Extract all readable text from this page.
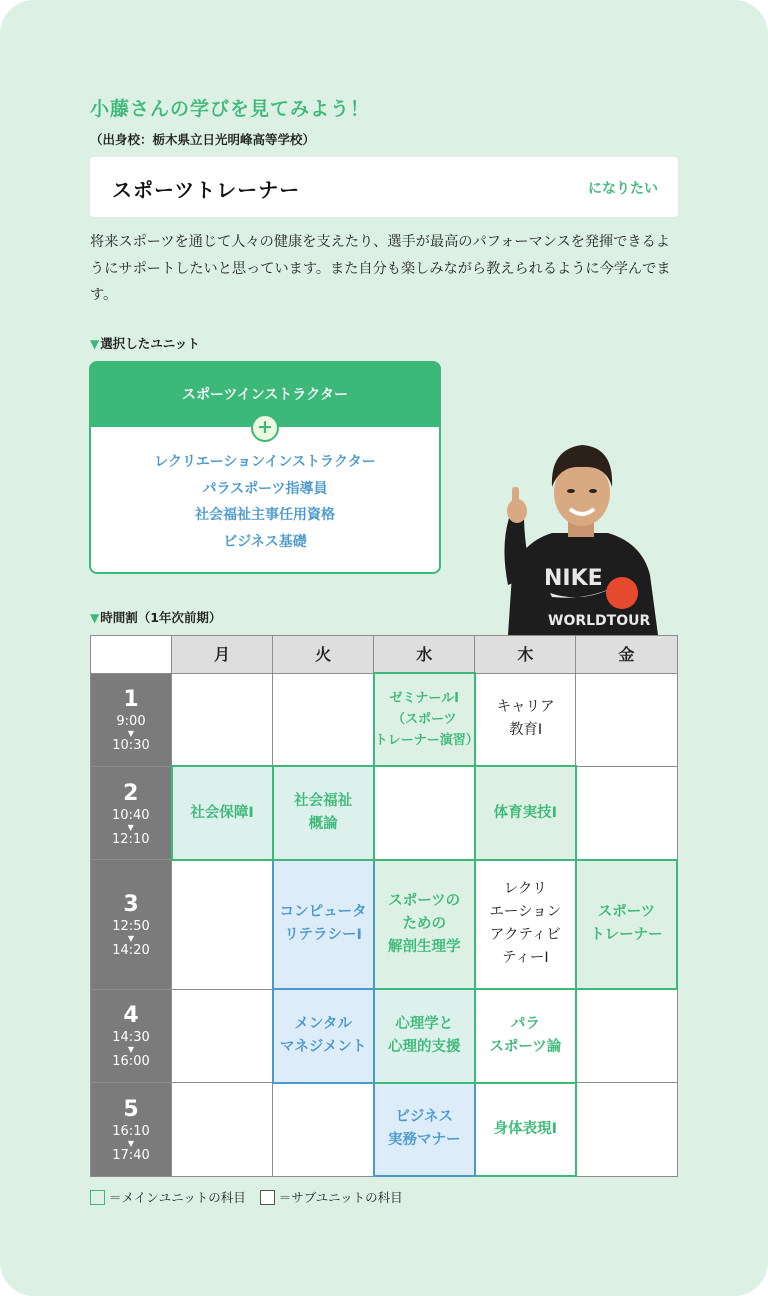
小藤さんの学びを見てみよう！
（出身校：栃木県立日光明峰高等学校）
スポーツトレーナー	になりたい
将来スポーツを通じて人々の健康を支えたり、選手が最高のパフォーマンスを発揮できるようにサポートしたいと思っています。また自分も楽しみながら教えられるように今学んでます。
▼選択したユニット
スポーツインストラクター
+
レクリエーションインストラクター
パラスポーツ指導員
社会福祉主事任用資格
ビジネス基礎
NIKE
WORLDTOUR
▼時間割（1年次前期）
	月	火	水	木	金

1
9:00
▼
10:30			ゼミナールⅠ
（スポーツ
トレーナー演習）	キャリア
教育Ⅰ	

2
10:40
▼
12:10	社会保障Ⅰ	社会福祉
概論		体育実技Ⅰ	

3
12:50
▼
14:20		コンピュータ
リテラシーⅠ	スポーツの
ための
解剖生理学	レクリ
エーション
アクティビ
ティーⅠ	スポーツ
トレーナー

4
14:30
▼
16:00		メンタル
マネジメント	心理学と
心理的支援	パラ
スポーツ論	

5
16:10
▼
17:40			ビジネス
実務マナー	身体表現Ⅰ	
＝メインユニットの科目	＝サブユニットの科目
